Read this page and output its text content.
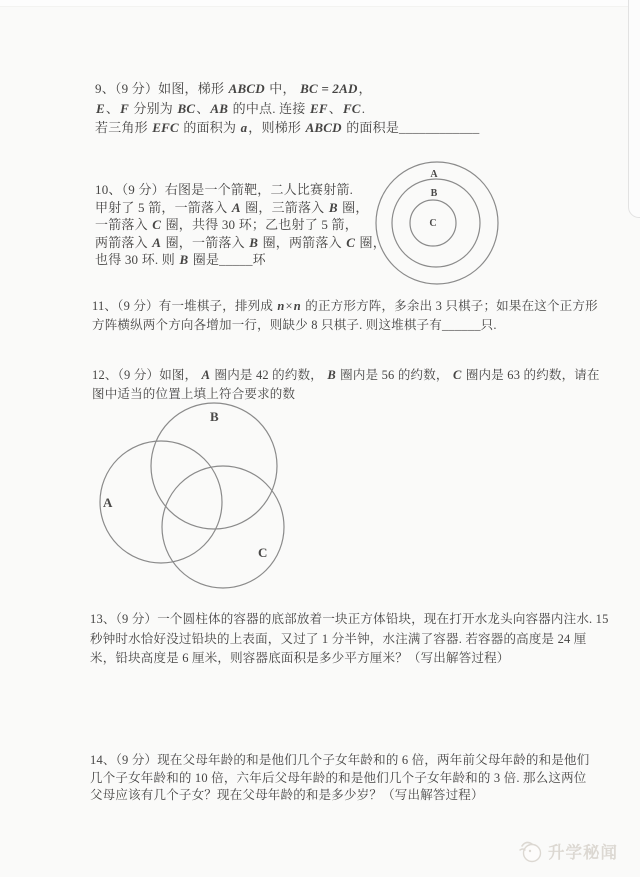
9、（9 分）如图，梯形 ABCD 中， BC = 2AD，
E、F 分别为 BC、AB 的中点. 连接 EF、FC.
若三角形 EFC 的面积为 a，则梯形 ABCD 的面积是____________
10、（9 分）右图是一个箭靶，二人比赛射箭.
甲射了 5 箭，一箭落入 A 圈，三箭落入 B 圈，
一箭落入 C 圈，共得 30 环；乙也射了 5 箭，
两箭落入 A 圈，一箭落入 B 圈，两箭落入 C 圈，
也得 30 环. 则 B 圈是_____环
A
B
C
11、（9 分）有一堆棋子，排列成 n×n 的正方形方阵，多余出 3 只棋子；如果在这个正方形
方阵横纵两个方向各增加一行，则缺少 8 只棋子. 则这堆棋子有______只.
12、（9 分）如图， A 圈内是 42 的约数， B 圈内是 56 的约数， C 圈内是 63 的约数，请在
图中适当的位置上填上符合要求的数
A
B
C
13、（9 分）一个圆柱体的容器的底部放着一块正方体铅块，现在打开水龙头向容器内注水. 15
秒钟时水恰好没过铅块的上表面，又过了 1 分半钟，水注满了容器. 若容器的高度是 24 厘
米，铅块高度是 6 厘米，则容器底面积是多少平方厘米？（写出解答过程）
14、（9 分）现在父母年龄的和是他们几个子女年龄和的 6 倍，两年前父母年龄的和是他们
几个子女年龄和的 10 倍，六年后父母年龄的和是他们几个子女年龄和的 3 倍. 那么这两位
父母应该有几个子女？现在父母年龄的和是多少岁？（写出解答过程）
升学秘闻
